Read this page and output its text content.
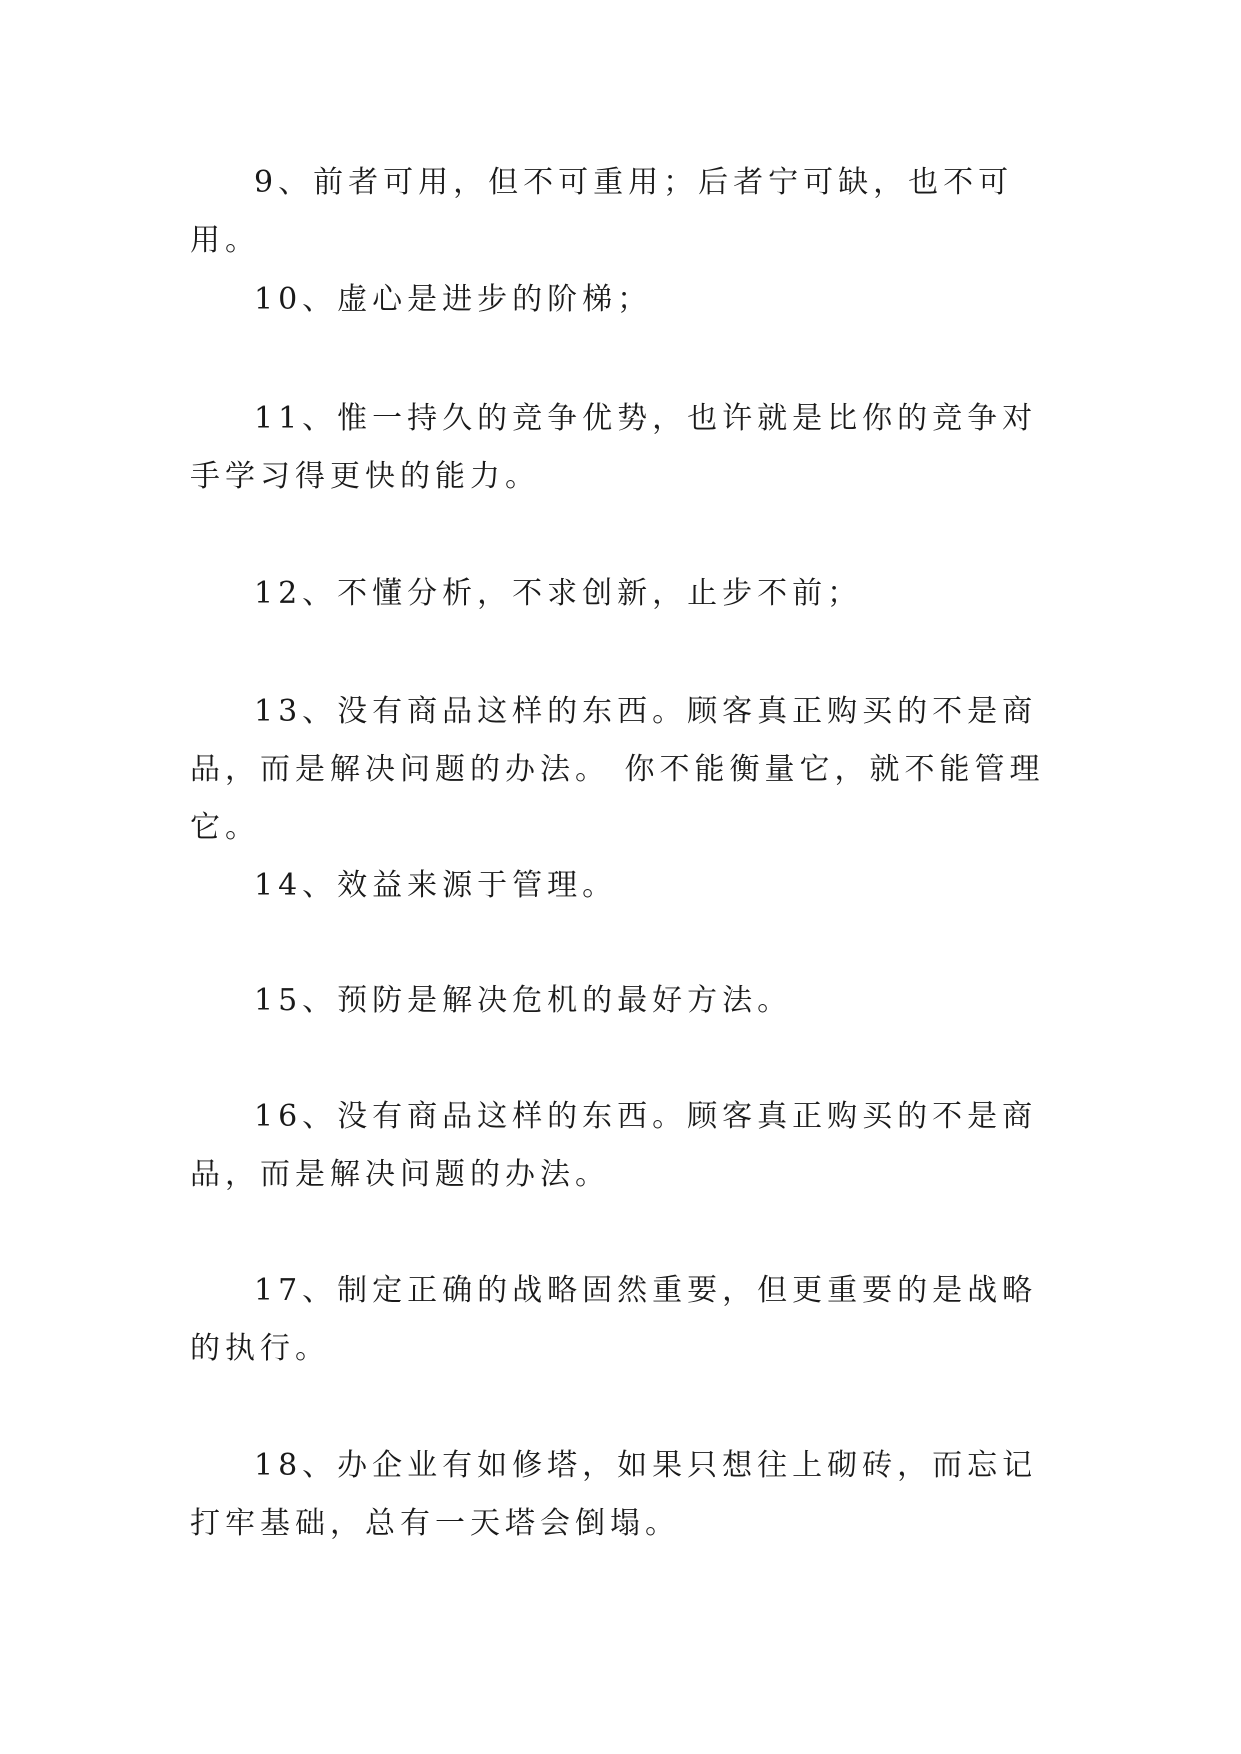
9、前者可用，但不可重用；后者宁可缺，也不可用。

10、虚心是进步的阶梯；

11、惟一持久的竞争优势，也许就是比你的竞争对手学习得更快的能力。

12、不懂分析，不求创新，止步不前；

13、没有商品这样的东西。顾客真正购买的不是商品，而是解决问题的办法。 你不能衡量它，就不能管理它。

14、效益来源于管理。

15、预防是解决危机的最好方法。

16、没有商品这样的东西。顾客真正购买的不是商品，而是解决问题的办法。

17、制定正确的战略固然重要，但更重要的是战略的执行。

18、办企业有如修塔，如果只想往上砌砖，而忘记打牢基础，总有一天塔会倒塌。
